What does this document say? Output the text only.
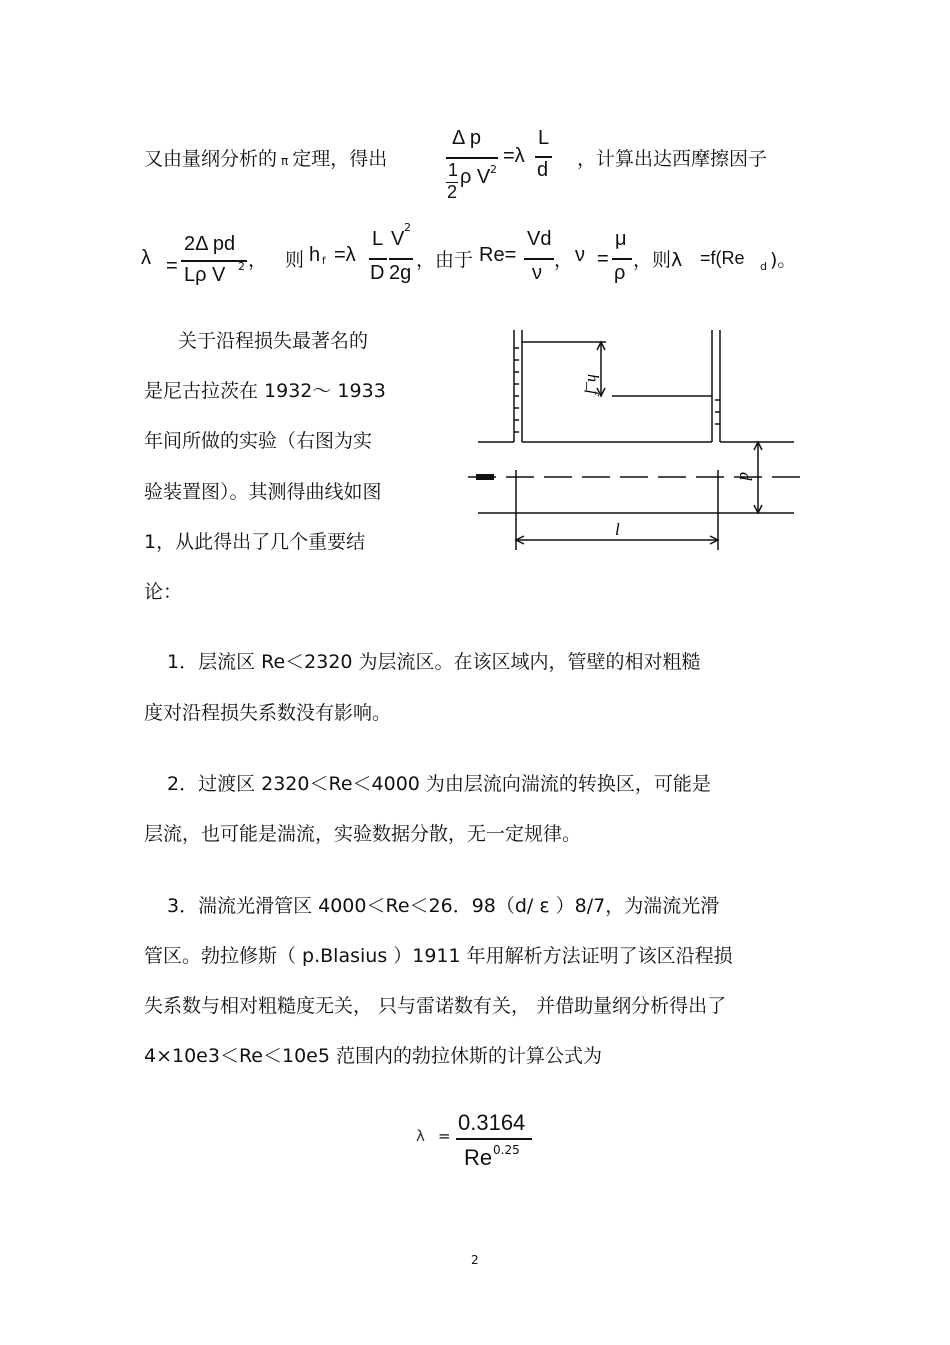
又由量纲分析的 π 定理，得出
Δ p
1
2
ρ V 2
=λ
L
d ，计算出达西摩擦因子
λ =
2Δ pd
Lρ V 2 ， 则 h f =λ
L
D
V
2
2g
，由于 Re=
Vd
ν
， ν =
μ
ρ
，则λ =f(Re d )。
关于沿程损失最著名的
是尼古拉茨在 1932～ 1933
年间所做的实验（右图为实
验装置图）。其测得曲线如图
1，从此得出了几个重要结
论：
h_f
d
l
1．层流区 Re＜2320 为层流区。在该区域内，管壁的相对粗糙
度对沿程损失系数没有影响。
2．过渡区 2320＜Re＜4000 为由层流向湍流的转换区，可能是
层流，也可能是湍流，实验数据分散，无一定规律。
3．湍流光滑管区 4000＜Re＜26．98（d/ ε ）8/7，为湍流光滑
管区。勃拉修斯（ p.Blasius ）1911 年用解析方法证明了该区沿程损
失系数与相对粗糙度无关， 只与雷诺数有关， 并借助量纲分析得出了
4×10e3＜Re＜10e5 范围内的勃拉休斯的计算公式为
λ =
0.3164
Re 0.25
2
